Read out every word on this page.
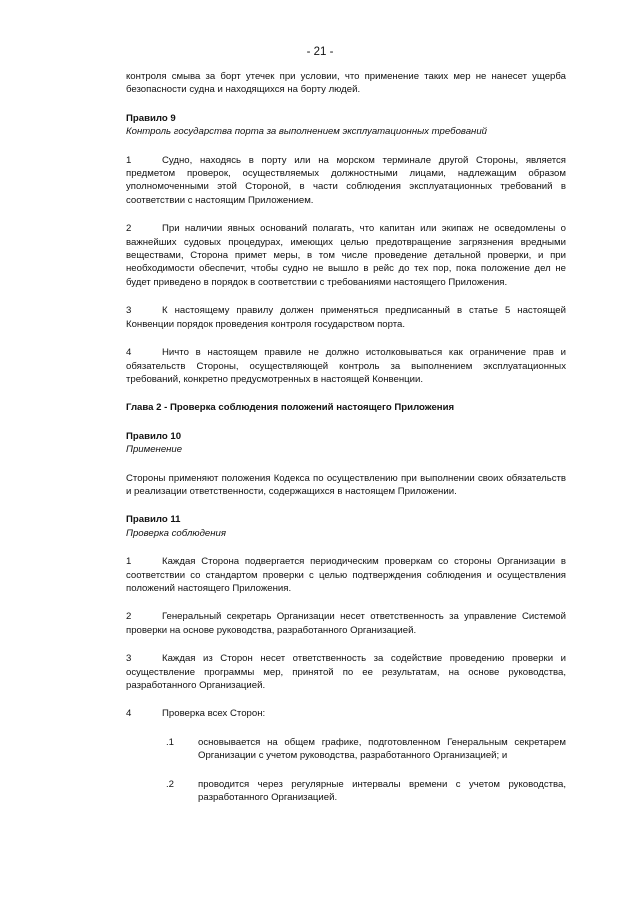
- 21 -

контроля смыва за борт утечек при условии, что применение таких мер не нанесет ущерба безопасности судна и находящихся на борту людей.

Правило 9

Контроль государства порта за выполнением эксплуатационных требований

1	Судно, находясь в порту или на морском терминале другой Стороны, является предметом проверок, осуществляемых должностными лицами, надлежащим образом уполномоченными этой Стороной, в части соблюдения эксплуатационных требований в соответствии с настоящим Приложением.

2	При наличии явных оснований полагать, что капитан или экипаж не осведомлены о важнейших судовых процедурах, имеющих целью предотвращение загрязнения вредными веществами, Сторона примет меры, в том числе проведение детальной проверки, и при необходимости обеспечит, чтобы судно не вышло в рейс до тех пор, пока положение дел не будет приведено в порядок в соответствии с требованиями настоящего Приложения.

3	К настоящему правилу должен применяться предписанный в статье 5 настоящей Конвенции порядок проведения контроля государством порта.

4	Ничто в настоящем правиле не должно истолковываться как ограничение прав и обязательств Стороны, осуществляющей контроль за выполнением эксплуатационных требований, конкретно предусмотренных в настоящей Конвенции.

Глава 2 - Проверка соблюдения положений настоящего Приложения

Правило 10

Применение

Стороны применяют положения Кодекса по осуществлению при выполнении своих обязательств и реализации ответственности, содержащихся в настоящем Приложении.

Правило 11

Проверка соблюдения

1	Каждая Сторона подвергается периодическим проверкам со стороны Организации в соответствии со стандартом проверки с целью подтверждения соблюдения и осуществления положений настоящего Приложения.

2	Генеральный секретарь Организации несет ответственность за управление Системой проверки на основе руководства, разработанного Организацией.

3	Каждая из Сторон несет ответственность за содействие проведению проверки и осуществление программы мер, принятой по ее результатам, на основе руководства, разработанного Организацией.

4	Проверка всех Сторон:

.1	основывается на общем графике, подготовленном Генеральным секретарем Организации с учетом руководства, разработанного Организацией; и
.2	проводится через регулярные интервалы времени с учетом руководства, разработанного Организацией.
